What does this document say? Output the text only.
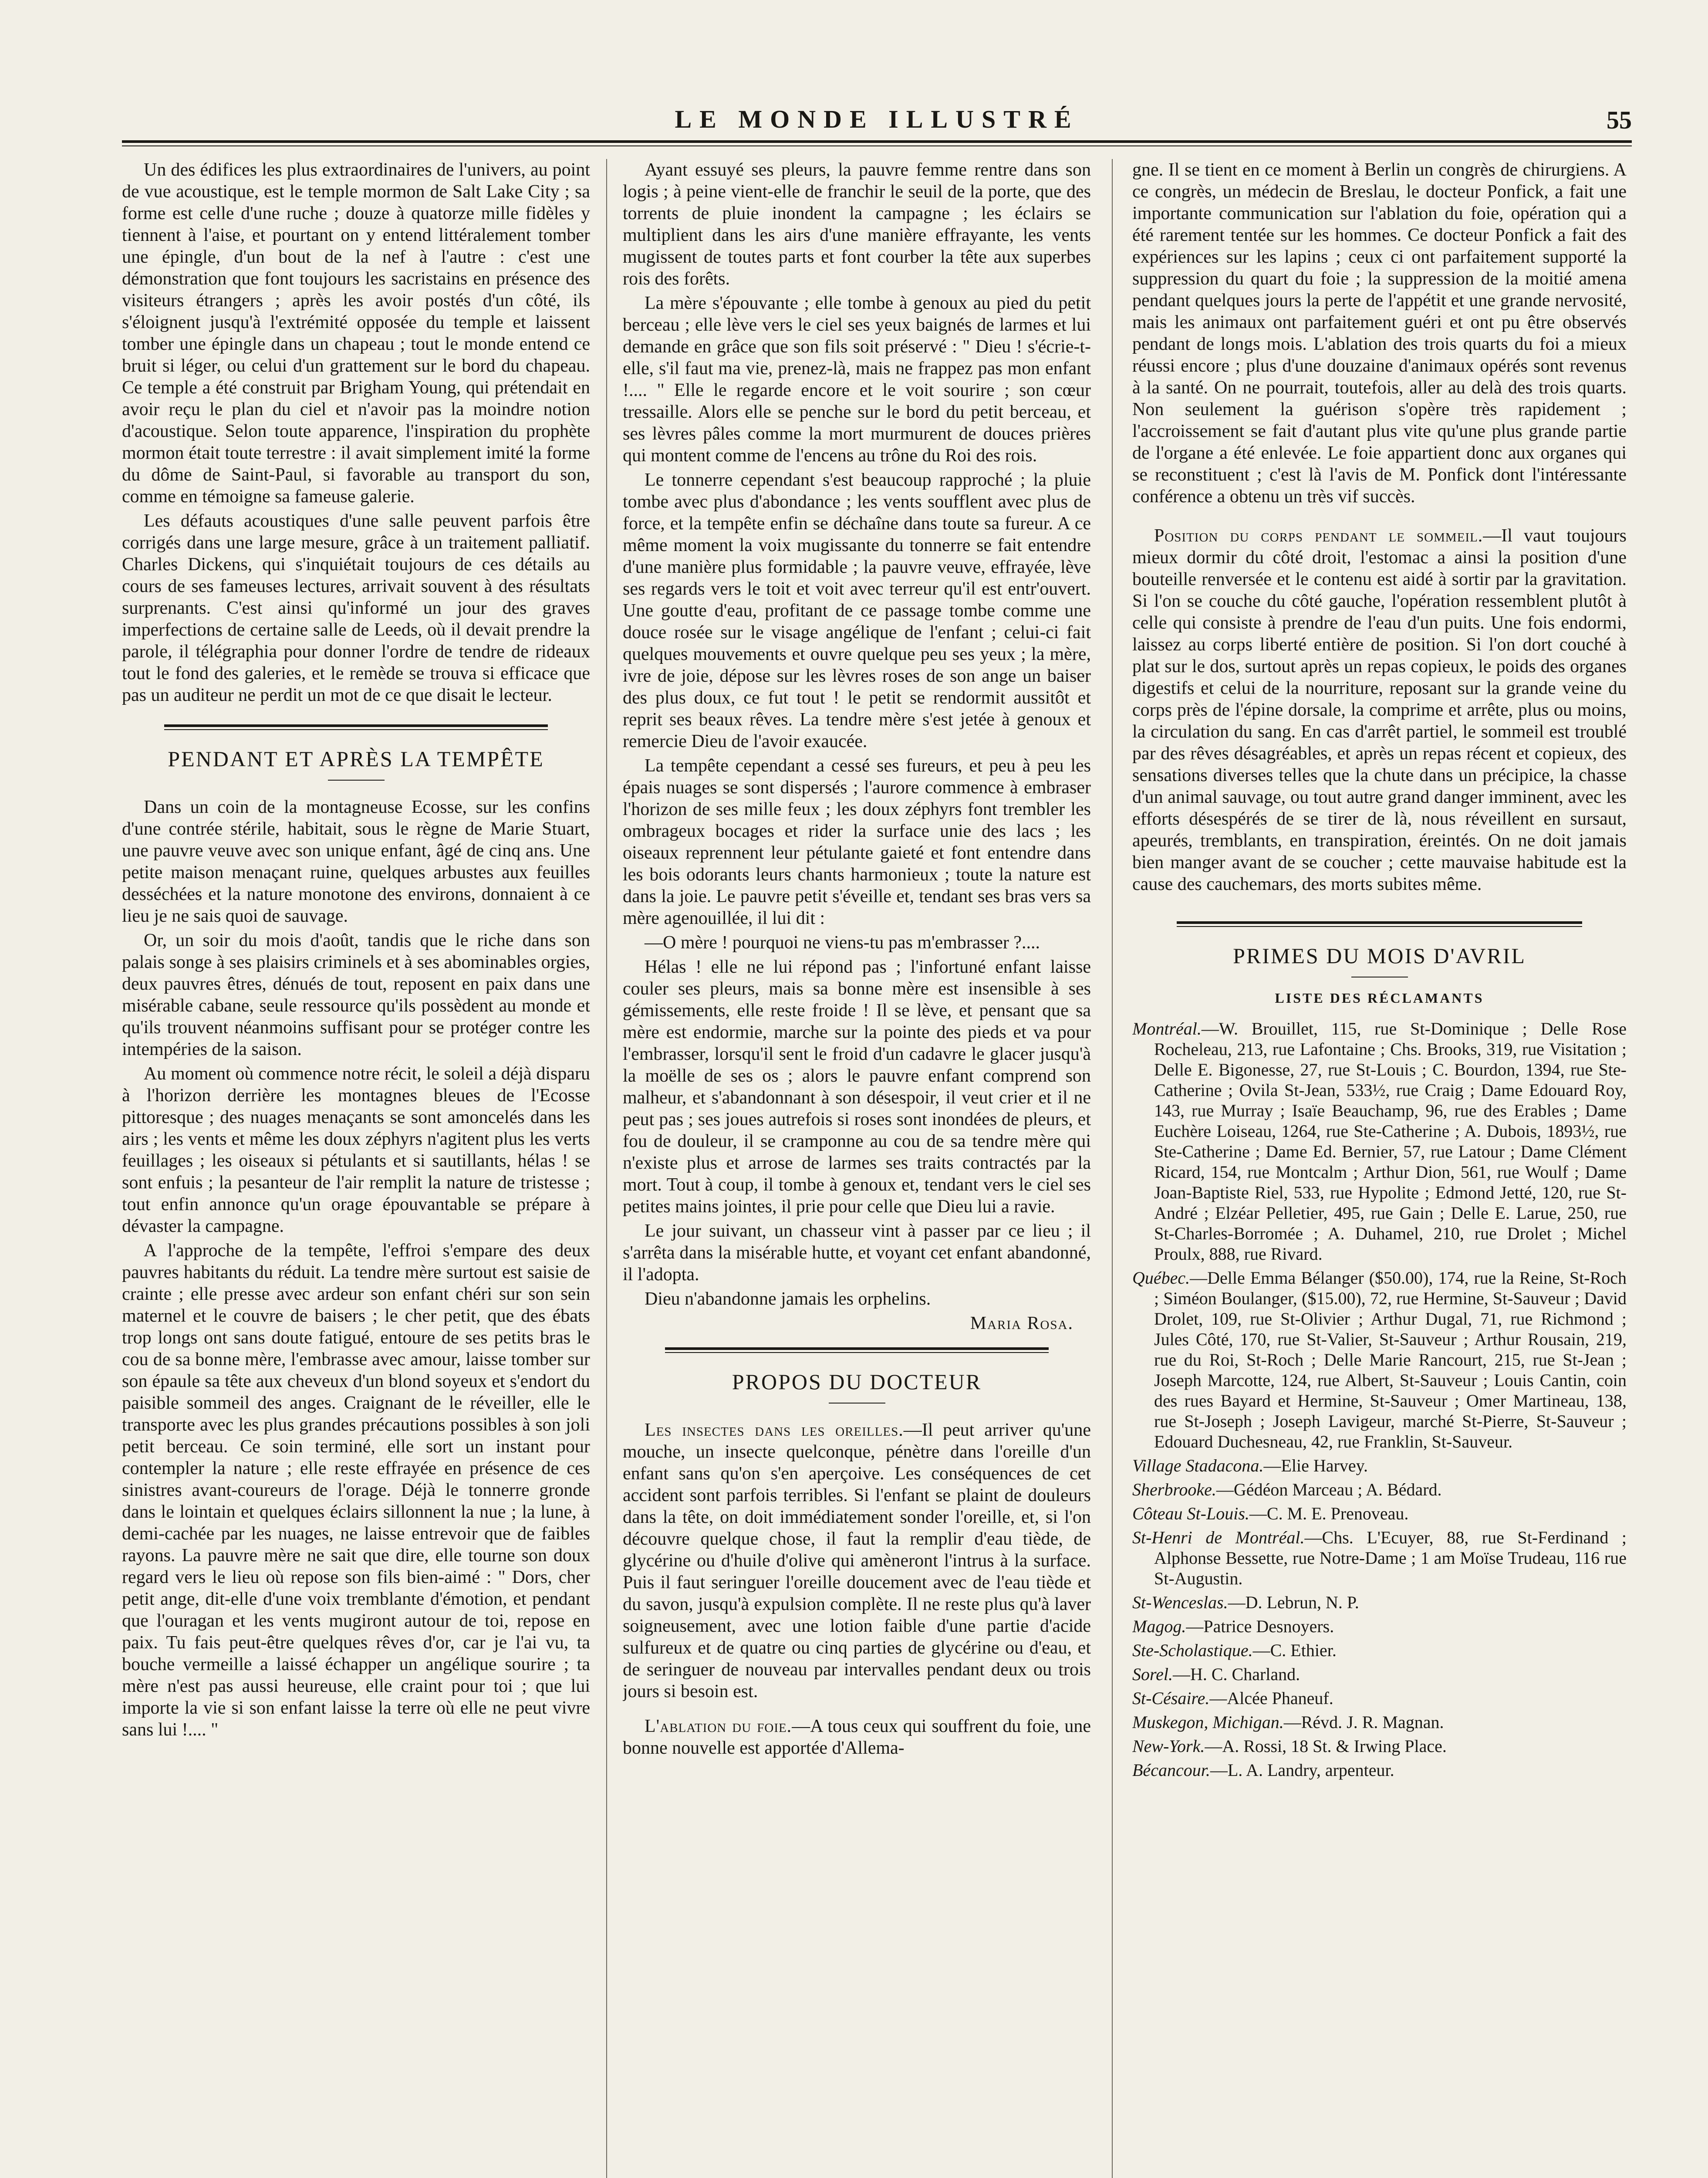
LE MONDE ILLUSTRÉ	55

Un des édifices les plus extraordinaires de l'univers, au point de vue acoustique, est le temple mormon de Salt Lake City ; sa forme est celle d'une ruche ; douze à quatorze mille fidèles y tiennent à l'aise, et pourtant on y entend littéralement tomber une épingle, d'un bout de la nef à l'autre : c'est une démonstration que font toujours les sacristains en présence des visiteurs étrangers ; après les avoir postés d'un côté, ils s'éloignent jusqu'à l'extrémité opposée du temple et laissent tomber une épingle dans un chapeau ; tout le monde entend ce bruit si léger, ou celui d'un grattement sur le bord du chapeau. Ce temple a été construit par Brigham Young, qui prétendait en avoir reçu le plan du ciel et n'avoir pas la moindre notion d'acoustique. Selon toute apparence, l'inspiration du prophète mormon était toute terrestre : il avait simplement imité la forme du dôme de Saint-Paul, si favorable au transport du son, comme en témoigne sa fameuse galerie.

Les défauts acoustiques d'une salle peuvent parfois être corrigés dans une large mesure, grâce à un traitement palliatif. Charles Dickens, qui s'inquiétait toujours de ces détails au cours de ses fameuses lectures, arrivait souvent à des résultats surprenants. C'est ainsi qu'informé un jour des graves imperfections de certaine salle de Leeds, où il devait prendre la parole, il télégraphia pour donner l'ordre de tendre de rideaux tout le fond des galeries, et le remède se trouva si efficace que pas un auditeur ne perdit un mot de ce que disait le lecteur.

PENDANT ET APRÈS LA TEMPÊTE

Dans un coin de la montagneuse Ecosse, sur les confins d'une contrée stérile, habitait, sous le règne de Marie Stuart, une pauvre veuve avec son unique enfant, âgé de cinq ans. Une petite maison menaçant ruine, quelques arbustes aux feuilles desséchées et la nature monotone des environs, donnaient à ce lieu je ne sais quoi de sauvage.

Or, un soir du mois d'août, tandis que le riche dans son palais songe à ses plaisirs criminels et à ses abominables orgies, deux pauvres êtres, dénués de tout, reposent en paix dans une misérable cabane, seule ressource qu'ils possèdent au monde et qu'ils trouvent néanmoins suffisant pour se protéger contre les intempéries de la saison.

Au moment où commence notre récit, le soleil a déjà disparu à l'horizon derrière les montagnes bleues de l'Ecosse pittoresque ; des nuages menaçants se sont amoncelés dans les airs ; les vents et même les doux zéphyrs n'agitent plus les verts feuillages ; les oiseaux si pétulants et si sautillants, hélas ! se sont enfuis ; la pesanteur de l'air remplit la nature de tristesse ; tout enfin annonce qu'un orage épouvantable se prépare à dévaster la campagne.

A l'approche de la tempête, l'effroi s'empare des deux pauvres habitants du réduit. La tendre mère surtout est saisie de crainte ; elle presse avec ardeur son enfant chéri sur son sein maternel et le couvre de baisers ; le cher petit, que des ébats trop longs ont sans doute fatigué, entoure de ses petits bras le cou de sa bonne mère, l'embrasse avec amour, laisse tomber sur son épaule sa tête aux cheveux d'un blond soyeux et s'endort du paisible sommeil des anges. Craignant de le réveiller, elle le transporte avec les plus grandes précautions possibles à son joli petit berceau. Ce soin terminé, elle sort un instant pour contempler la nature ; elle reste effrayée en présence de ces sinistres avant-coureurs de l'orage. Déjà le tonnerre gronde dans le lointain et quelques éclairs sillonnent la nue ; la lune, à demi-cachée par les nuages, ne laisse entrevoir que de faibles rayons. La pauvre mère ne sait que dire, elle tourne son doux regard vers le lieu où repose son fils bien-aimé : " Dors, cher petit ange, dit-elle d'une voix tremblante d'émotion, et pendant que l'ouragan et les vents mugiront autour de toi, repose en paix. Tu fais peut-être quelques rêves d'or, car je l'ai vu, ta bouche vermeille a laissé échapper un angélique sourire ; ta mère n'est pas aussi heureuse, elle craint pour toi ; que lui importe la vie si son enfant laisse la terre où elle ne peut vivre sans lui !.... "

Ayant essuyé ses pleurs, la pauvre femme rentre dans son logis ; à peine vient-elle de franchir le seuil de la porte, que des torrents de pluie inondent la campagne ; les éclairs se multiplient dans les airs d'une manière effrayante, les vents mugissent de toutes parts et font courber la tête aux superbes rois des forêts.

La mère s'épouvante ; elle tombe à genoux au pied du petit berceau ; elle lève vers le ciel ses yeux baignés de larmes et lui demande en grâce que son fils soit préservé : " Dieu ! s'écrie-t-elle, s'il faut ma vie, prenez-là, mais ne frappez pas mon enfant !.... " Elle le regarde encore et le voit sourire ; son cœur tressaille. Alors elle se penche sur le bord du petit berceau, et ses lèvres pâles comme la mort murmurent de douces prières qui montent comme de l'encens au trône du Roi des rois.

Le tonnerre cependant s'est beaucoup rapproché ; la pluie tombe avec plus d'abondance ; les vents soufflent avec plus de force, et la tempête enfin se déchaîne dans toute sa fureur. A ce même moment la voix mugissante du tonnerre se fait entendre d'une manière plus formidable ; la pauvre veuve, effrayée, lève ses regards vers le toit et voit avec terreur qu'il est entr'ouvert. Une goutte d'eau, profitant de ce passage tombe comme une douce rosée sur le visage angélique de l'enfant ; celui-ci fait quelques mouvements et ouvre quelque peu ses yeux ; la mère, ivre de joie, dépose sur les lèvres roses de son ange un baiser des plus doux, ce fut tout ! le petit se rendormit aussitôt et reprit ses beaux rêves. La tendre mère s'est jetée à genoux et remercie Dieu de l'avoir exaucée.

La tempête cependant a cessé ses fureurs, et peu à peu les épais nuages se sont dispersés ; l'aurore commence à embraser l'horizon de ses mille feux ; les doux zéphyrs font trembler les ombrageux bocages et rider la surface unie des lacs ; les oiseaux reprennent leur pétulante gaieté et font entendre dans les bois odorants leurs chants harmonieux ; toute la nature est dans la joie. Le pauvre petit s'éveille et, tendant ses bras vers sa mère agenouillée, il lui dit :

—O mère ! pourquoi ne viens-tu pas m'embrasser ?....

Hélas ! elle ne lui répond pas ; l'infortuné enfant laisse couler ses pleurs, mais sa bonne mère est insensible à ses gémissements, elle reste froide ! Il se lève, et pensant que sa mère est endormie, marche sur la pointe des pieds et va pour l'embrasser, lorsqu'il sent le froid d'un cadavre le glacer jusqu'à la moëlle de ses os ; alors le pauvre enfant comprend son malheur, et s'abandonnant à son désespoir, il veut crier et il ne peut pas ; ses joues autrefois si roses sont inondées de pleurs, et fou de douleur, il se cramponne au cou de sa tendre mère qui n'existe plus et arrose de larmes ses traits contractés par la mort. Tout à coup, il tombe à genoux et, tendant vers le ciel ses petites mains jointes, il prie pour celle que Dieu lui a ravie.

Le jour suivant, un chasseur vint à passer par ce lieu ; il s'arrêta dans la misérable hutte, et voyant cet enfant abandonné, il l'adopta.

Dieu n'abandonne jamais les orphelins.

Maria Rosa.

PROPOS DU DOCTEUR

Les insectes dans les oreilles.—Il peut arriver qu'une mouche, un insecte quelconque, pénètre dans l'oreille d'un enfant sans qu'on s'en aperçoive. Les conséquences de cet accident sont parfois terribles. Si l'enfant se plaint de douleurs dans la tête, on doit immédiatement sonder l'oreille, et, si l'on découvre quelque chose, il faut la remplir d'eau tiède, de glycérine ou d'huile d'olive qui amèneront l'intrus à la surface. Puis il faut seringuer l'oreille doucement avec de l'eau tiède et du savon, jusqu'à expulsion complète. Il ne reste plus qu'à laver soigneusement, avec une lotion faible d'une partie d'acide sulfureux et de quatre ou cinq parties de glycérine ou d'eau, et de seringuer de nouveau par intervalles pendant deux ou trois jours si besoin est.

L'ablation du foie.—A tous ceux qui souffrent du foie, une bonne nouvelle est apportée d'Allema-

gne. Il se tient en ce moment à Berlin un congrès de chirurgiens. A ce congrès, un médecin de Breslau, le docteur Ponfick, a fait une importante communication sur l'ablation du foie, opération qui a été rarement tentée sur les hommes. Ce docteur Ponfick a fait des expériences sur les lapins ; ceux ci ont parfaitement supporté la suppression du quart du foie ; la suppression de la moitié amena pendant quelques jours la perte de l'appétit et une grande nervosité, mais les animaux ont parfaitement guéri et ont pu être observés pendant de longs mois. L'ablation des trois quarts du foi a mieux réussi encore ; plus d'une douzaine d'animaux opérés sont revenus à la santé. On ne pourrait, toutefois, aller au delà des trois quarts. Non seulement la guérison s'opère très rapidement ; l'accroissement se fait d'autant plus vite qu'une plus grande partie de l'organe a été enlevée. Le foie appartient donc aux organes qui se reconstituent ; c'est là l'avis de M. Ponfick dont l'intéressante conférence a obtenu un très vif succès.

Position du corps pendant le sommeil.—Il vaut toujours mieux dormir du côté droit, l'estomac a ainsi la position d'une bouteille renversée et le contenu est aidé à sortir par la gravitation. Si l'on se couche du côté gauche, l'opération ressemblent plutôt à celle qui consiste à prendre de l'eau d'un puits. Une fois endormi, laissez au corps liberté entière de position. Si l'on dort couché à plat sur le dos, surtout après un repas copieux, le poids des organes digestifs et celui de la nourriture, reposant sur la grande veine du corps près de l'épine dorsale, la comprime et arrête, plus ou moins, la circulation du sang. En cas d'arrêt partiel, le sommeil est troublé par des rêves désagréables, et après un repas récent et copieux, des sensations diverses telles que la chute dans un précipice, la chasse d'un animal sauvage, ou tout autre grand danger imminent, avec les efforts désespérés de se tirer de là, nous réveillent en sursaut, apeurés, tremblants, en transpiration, éreintés. On ne doit jamais bien manger avant de se coucher ; cette mauvaise habitude est la cause des cauchemars, des morts subites même.

PRIMES DU MOIS D'AVRIL
LISTE DES RÉCLAMANTS
Montréal.—W. Brouillet, 115, rue St-Dominique ; Delle Rose Rocheleau, 213, rue Lafontaine ; Chs. Brooks, 319, rue Visitation ; Delle E. Bigonesse, 27, rue St-Louis ; C. Bourdon, 1394, rue Ste-Catherine ; Ovila St-Jean, 533½, rue Craig ; Dame Edouard Roy, 143, rue Murray ; Isaïe Beauchamp, 96, rue des Erables ; Dame Euchère Loiseau, 1264, rue Ste-Catherine ; A. Dubois, 1893½, rue Ste-Catherine ; Dame Ed. Bernier, 57, rue Latour ; Dame Clément Ricard, 154, rue Montcalm ; Arthur Dion, 561, rue Woulf ; Dame Joan-Baptiste Riel, 533, rue Hypolite ; Edmond Jetté, 120, rue St-André ; Elzéar Pelletier, 495, rue Gain ; Delle E. Larue, 250, rue St-Charles-Borromée ; A. Duhamel, 210, rue Drolet ; Michel Proulx, 888, rue Rivard.
Québec.—Delle Emma Bélanger ($50.00), 174, rue la Reine, St-Roch ; Siméon Boulanger, ($15.00), 72, rue Hermine, St-Sauveur ; David Drolet, 109, rue St-Olivier ; Arthur Dugal, 71, rue Richmond ; Jules Côté, 170, rue St-Valier, St-Sauveur ; Arthur Rousain, 219, rue du Roi, St-Roch ; Delle Marie Rancourt, 215, rue St-Jean ; Joseph Marcotte, 124, rue Albert, St-Sauveur ; Louis Cantin, coin des rues Bayard et Hermine, St-Sauveur ; Omer Martineau, 138, rue St-Joseph ; Joseph Lavigeur, marché St-Pierre, St-Sauveur ; Edouard Duchesneau, 42, rue Franklin, St-Sauveur.
Village Stadacona.—Elie Harvey.
Sherbrooke.—Gédéon Marceau ; A. Bédard.
Côteau St-Louis.—C. M. E. Prenoveau.
St-Henri de Montréal.—Chs. L'Ecuyer, 88, rue St-Ferdinand ; Alphonse Bessette, rue Notre-Dame ; 1 am Moïse Trudeau, 116 rue St-Augustin.
St-Wenceslas.—D. Lebrun, N. P.
Magog.—Patrice Desnoyers.
Ste-Scholastique.—C. Ethier.
Sorel.—H. C. Charland.
St-Césaire.—Alcée Phaneuf.
Muskegon, Michigan.—Révd. J. R. Magnan.
New-York.—A. Rossi, 18 St. & Irwing Place.
Bécancour.—L. A. Landry, arpenteur.
